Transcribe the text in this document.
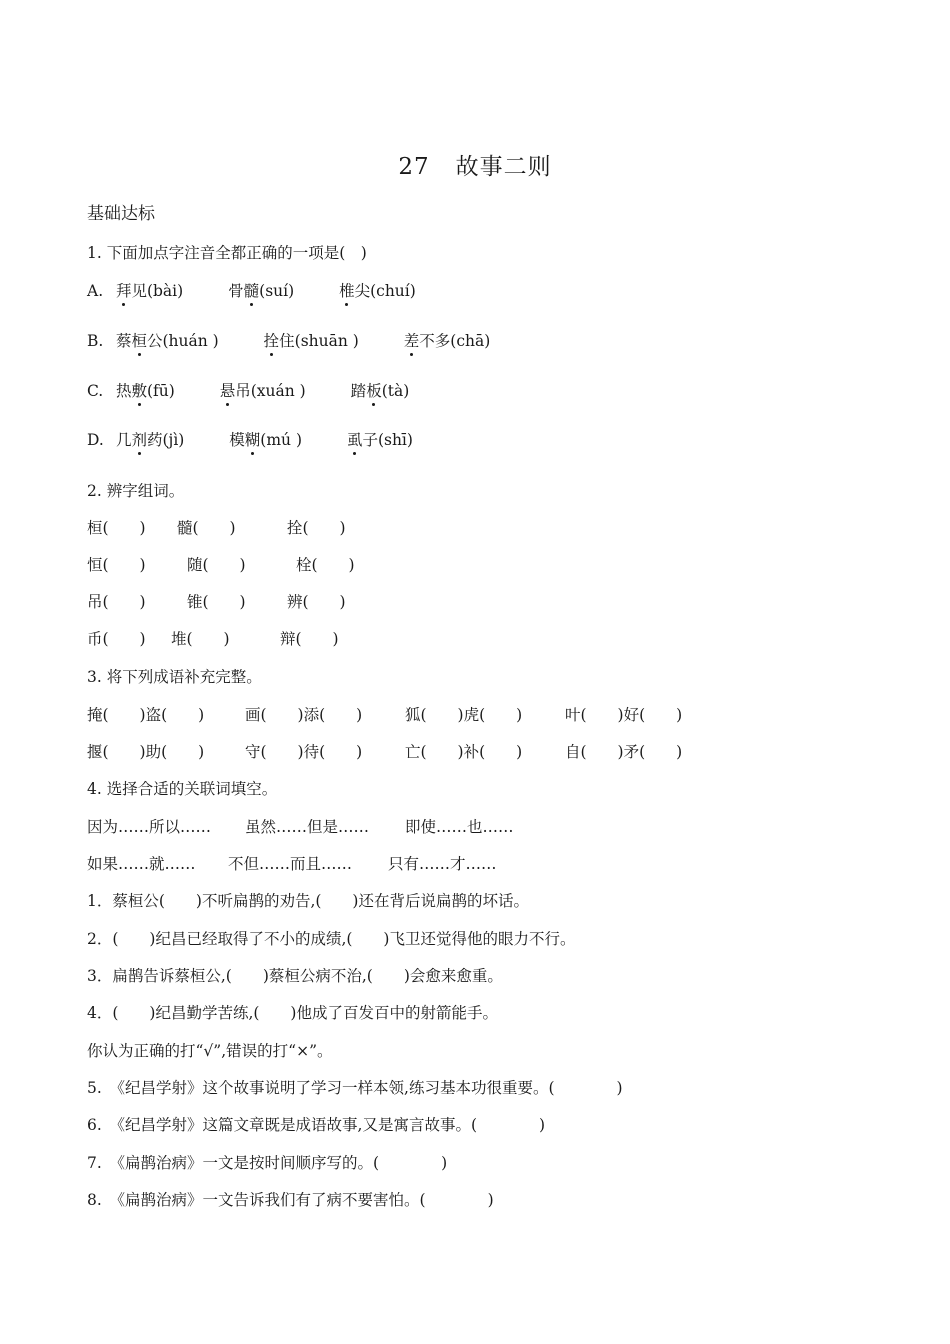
27 故事二则
基础达标
1. 下面加点字注音全都正确的一项是(　)
A. 拜见(bài)	骨髓(suí)	椎尖(chuí)
B. 蔡桓公(huán )	拴住(shuān )	差不多(chā)
C. 热敷(fū)	悬吊(xuán )	踏板(tà)
D. 几剂药(jì)	模糊(mú )	虱子(shī)
2. 辨字组词。
桓(　　) 髓(　　)	拴(　　)
恒(　　)	随(　　)	栓(　　)
吊(　　)	锥(　　)	辨(　　)
币(　　) 堆(　　)	辩(　　)
3. 将下列成语补充完整。
掩(　　)盗(　　)	画(　　)添(　　)	狐(　　)虎(　　)	叶(　　)好(　　)
揠(　　)助(　　)	守(　　)待(　　)	亡(　　)补(　　)	自(　　)矛(　　)
4. 选择合适的关联词填空。
因为……所以…… 虽然……但是…… 即使……也……
如果……就…… 不但……而且…… 只有……才……
1．蔡桓公(　　)不听扁鹊的劝告,(　　)还在背后说扁鹊的坏话。
2．(　　)纪昌已经取得了不小的成绩,(　　)飞卫还觉得他的眼力不行。
3．扁鹊告诉蔡桓公,(　　)蔡桓公病不治,(　　)会愈来愈重。
4．(　　)纪昌勤学苦练,(　　)他成了百发百中的射箭能手。
你认为正确的打“√”,错误的打“×”。
5.　《纪昌学射》这个故事说明了学习一样本领,练习基本功很重要。(　　　　)
6.　《纪昌学射》这篇文章既是成语故事,又是寓言故事。(　　　　)
7.　《扁鹊治病》一文是按时间顺序写的。(　　　　)
8.　《扁鹊治病》一文告诉我们有了病不要害怕。(　　　　)
